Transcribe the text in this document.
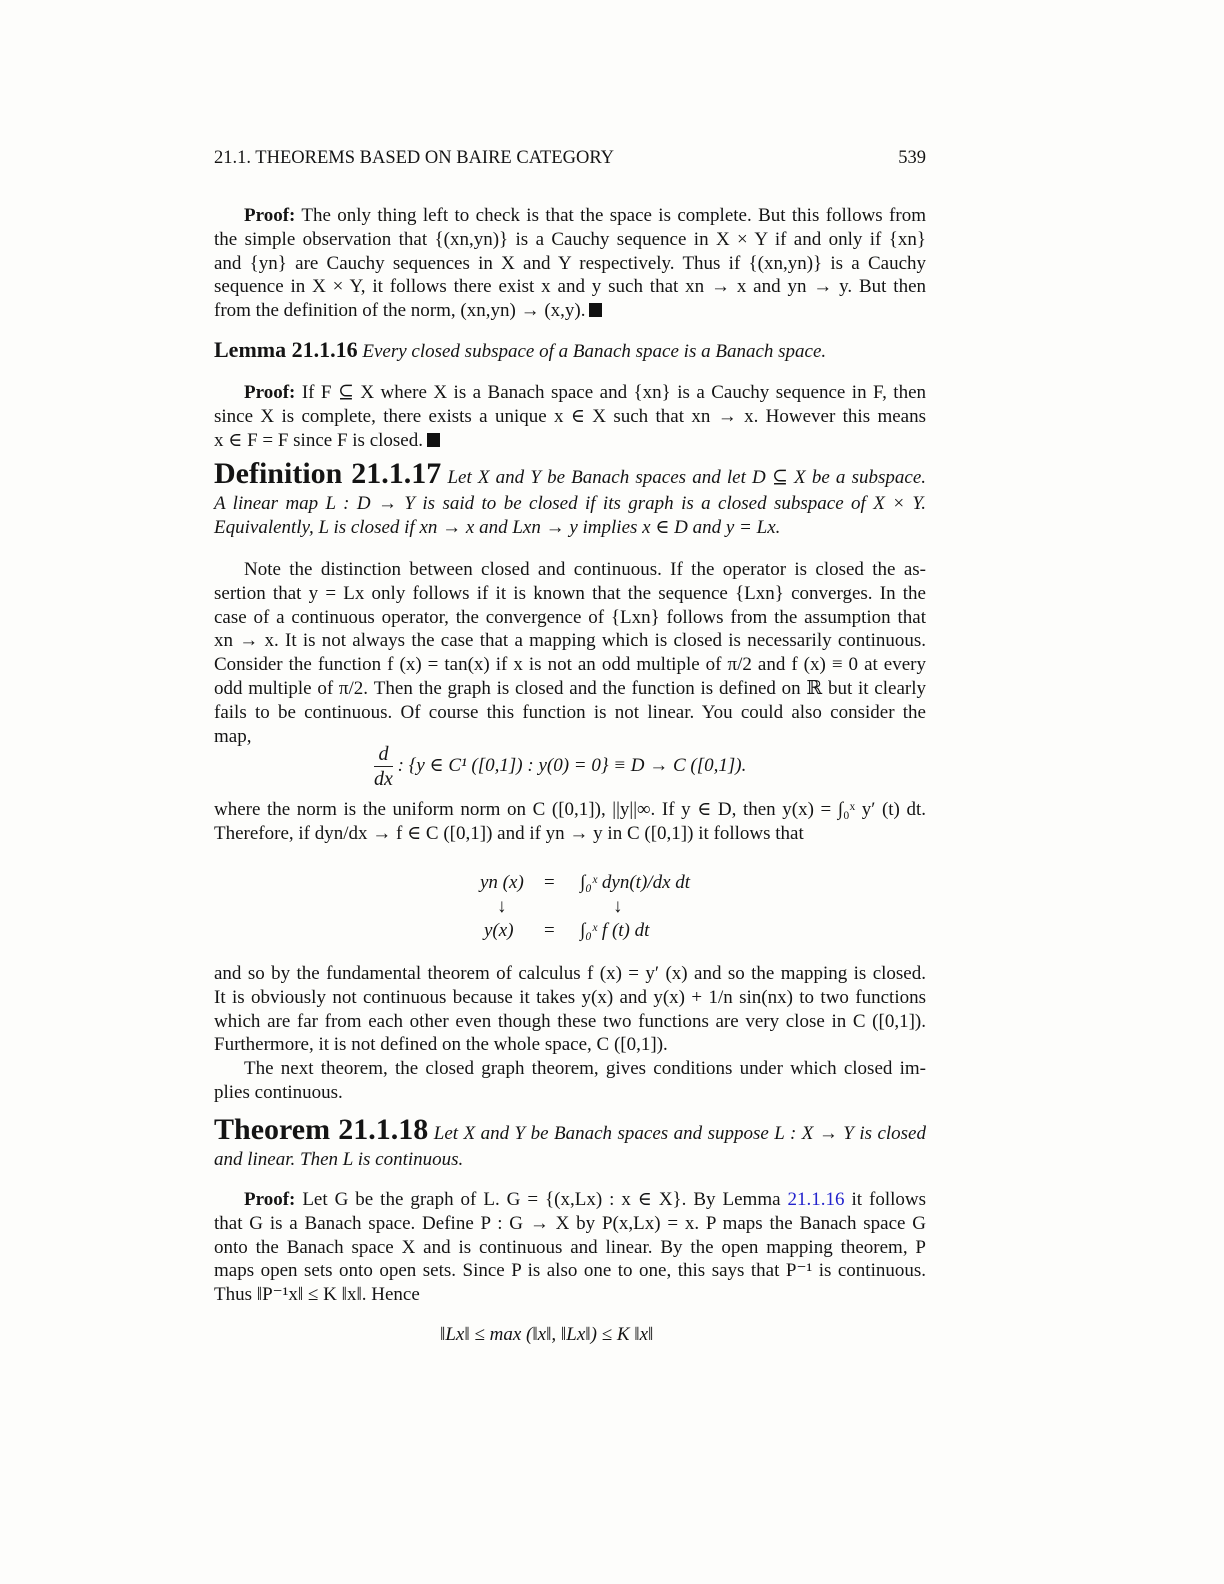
21.1. THEOREMS BASED ON BAIRE CATEGORY	539
Proof: The only thing left to check is that the space is complete. But this follows from
the simple observation that {(xn,yn)} is a Cauchy sequence in X × Y if and only if {xn}
and {yn} are Cauchy sequences in X and Y respectively. Thus if {(xn,yn)} is a Cauchy
sequence in X × Y, it follows there exist x and y such that xn → x and yn → y. But then
from the definition of the norm, (xn,yn) → (x,y).
Lemma 21.1.16 Every closed subspace of a Banach space is a Banach space.
Proof: If F ⊆ X where X is a Banach space and {xn} is a Cauchy sequence in F, then
since X is complete, there exists a unique x ∈ X such that xn → x. However this means
x ∈ F = F since F is closed.
Definition 21.1.17 Let X and Y be Banach spaces and let D ⊆ X be a subspace.
A linear map L : D → Y is said to be closed if its graph is a closed subspace of X × Y.
Equivalently, L is closed if xn → x and Lxn → y implies x ∈ D and y = Lx.
Note the distinction between closed and continuous. If the operator is closed the as-
sertion that y = Lx only follows if it is known that the sequence {Lxn} converges. In the
case of a continuous operator, the convergence of {Lxn} follows from the assumption that
xn → x. It is not always the case that a mapping which is closed is necessarily continuous.
Consider the function f (x) = tan(x) if x is not an odd multiple of π/2 and f (x) ≡ 0 at every
odd multiple of π/2. Then the graph is closed and the function is defined on ℝ but it clearly
fails to be continuous. Of course this function is not linear. You could also consider the
map,
$\frac{d}{dx}$ : {y ∈ C¹ ([0,1]) : y(0) = 0} ≡ D → C ([0,1]).
where the norm is the uniform norm on C ([0,1]), ||y||∞. If y ∈ D, then y(x) = ∫₀ˣ y′ (t) dt.
Therefore, if dyn/dx → f ∈ C ([0,1]) and if yn → y in C ([0,1]) it follows that
yn (x) = ∫₀ˣ dyn(t)/dx dt
↓	↓
y(x) = ∫₀ˣ f (t) dt
and so by the fundamental theorem of calculus f (x) = y′ (x) and so the mapping is closed.
It is obviously not continuous because it takes y(x) and y(x) + 1/n sin(nx) to two functions
which are far from each other even though these two functions are very close in C ([0,1]).
Furthermore, it is not defined on the whole space, C ([0,1]).
The next theorem, the closed graph theorem, gives conditions under which closed im-
plies continuous.
Theorem 21.1.18 Let X and Y be Banach spaces and suppose L : X → Y is closed
and linear. Then L is continuous.
Proof: Let G be the graph of L. G = {(x,Lx) : x ∈ X}. By Lemma 21.1.16 it follows
that G is a Banach space. Define P : G → X by P(x,Lx) = x. P maps the Banach space G
onto the Banach space X and is continuous and linear. By the open mapping theorem, P
maps open sets onto open sets. Since P is also one to one, this says that P⁻¹ is continuous.
Thus ‖P⁻¹x‖ ≤ K ‖x‖. Hence
‖Lx‖ ≤ max (‖x‖, ‖Lx‖) ≤ K ‖x‖
